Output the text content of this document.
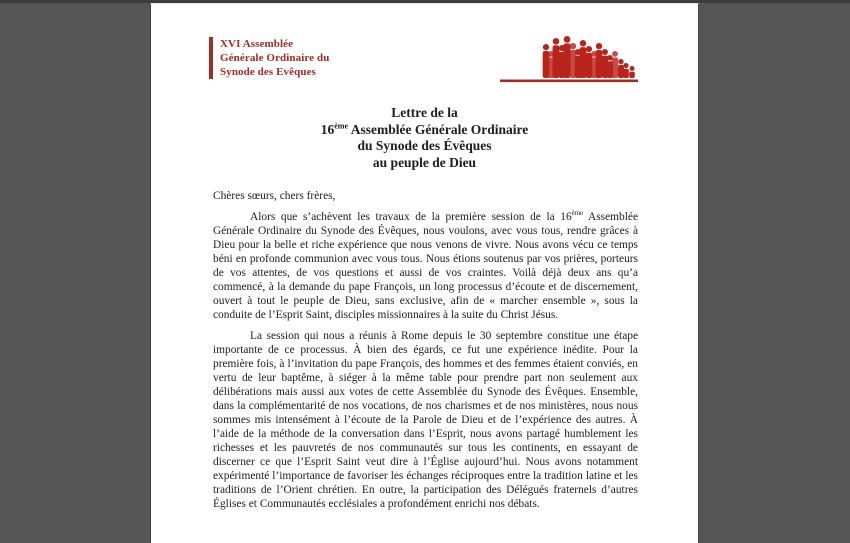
XVI Assemblée
Générale Ordinaire du
Synode des Evêques
Lettre de la
16ème Assemblée Générale Ordinaire
du Synode des Évêques
au peuple de Dieu

Chères sœurs, chers frères,

Alors que s’achèvent les travaux de la première session de la 16ème Assemblée Générale Ordinaire du Synode des Évêques, nous voulons, avec vous tous, rendre grâces à Dieu pour la belle et riche expérience que nous venons de vivre. Nous avons vécu ce temps béni en profonde communion avec vous tous. Nous étions soutenus par vos prières, porteurs de vos attentes, de vos questions et aussi de vos craintes. Voilà déjà deux ans qu’a commencé, à la demande du pape François, un long processus d’écoute et de discernement, ouvert à tout le peuple de Dieu, sans exclusive, afin de « marcher ensemble », sous la conduite de l’Esprit Saint, disciples missionnaires à la suite du Christ Jésus.

La session qui nous a réunis à Rome depuis le 30 septembre constitue une étape importante de ce processus. À bien des égards, ce fut une expérience inédite. Pour la première fois, à l’invitation du pape François, des hommes et des femmes étaient conviés, en vertu de leur baptême, à siéger à la même table pour prendre part non seulement aux délibérations mais aussi aux votes de cette Assemblée du Synode des Évêques. Ensemble, dans la complémentarité de nos vocations, de nos charismes et de nos ministères, nous nous sommes mis intensément à l’écoute de la Parole de Dieu et de l’expérience des autres. À l’aide de la méthode de la conversation dans l’Esprit, nous avons partagé humblement les richesses et les pauvretés de nos communautés sur tous les continents, en essayant de discerner ce que l’Esprit Saint veut dire à l’Église aujourd’hui. Nous avons notamment expérimenté l’importance de favoriser les échanges réciproques entre la tradition latine et les traditions de l’Orient chrétien. En outre, la participation des Délégués fraternels d’autres Églises et Communautés ecclésiales a profondément enrichi nos débats.
